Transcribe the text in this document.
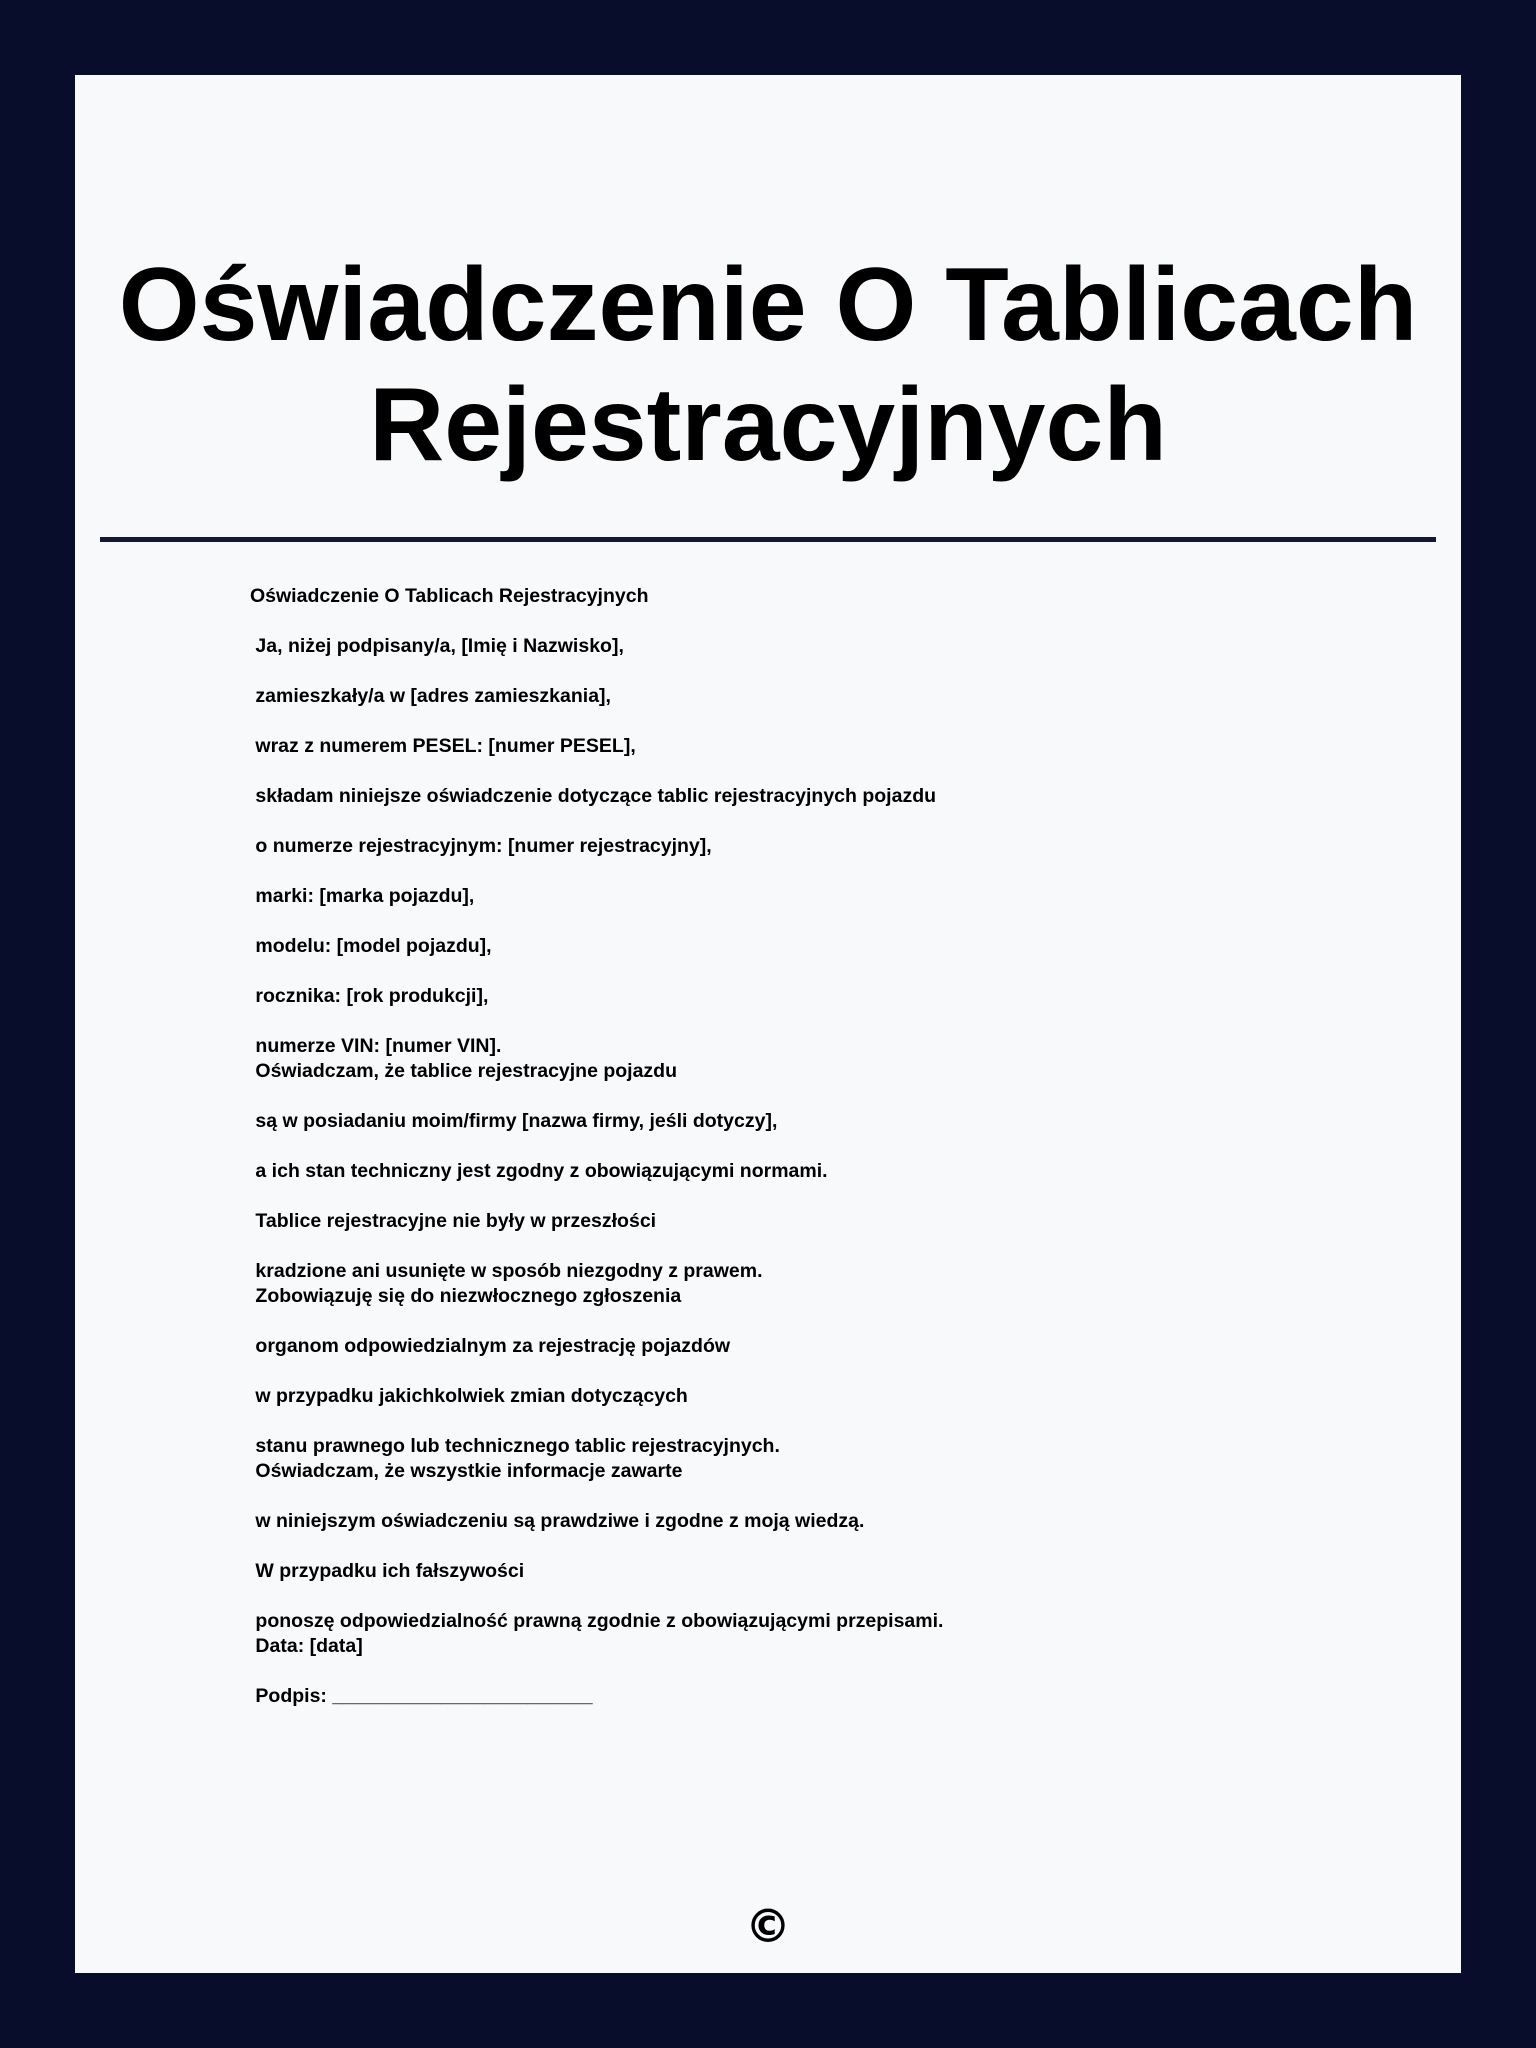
Oświadczenie O Tablicach Rejestracyjnych
Oświadczenie O Tablicach Rejestracyjnych

Ja, niżej podpisany/a, [Imię i Nazwisko],

zamieszkały/a w [adres zamieszkania],

wraz z numerem PESEL: [numer PESEL],

składam niniejsze oświadczenie dotyczące tablic rejestracyjnych pojazdu

o numerze rejestracyjnym: [numer rejestracyjny],

marki: [marka pojazdu],

modelu: [model pojazdu],

rocznika: [rok produkcji],

numerze VIN: [numer VIN].
Oświadczam, że tablice rejestracyjne pojazdu

są w posiadaniu moim/firmy [nazwa firmy, jeśli dotyczy],

a ich stan techniczny jest zgodny z obowiązującymi normami.

Tablice rejestracyjne nie były w przeszłości

kradzione ani usunięte w sposób niezgodny z prawem.
Zobowiązuję się do niezwłocznego zgłoszenia

organom odpowiedzialnym za rejestrację pojazdów

w przypadku jakichkolwiek zmian dotyczących

stanu prawnego lub technicznego tablic rejestracyjnych.
Oświadczam, że wszystkie informacje zawarte

w niniejszym oświadczeniu są prawdziwe i zgodne z moją wiedzą.

W przypadku ich fałszywości

ponoszę odpowiedzialność prawną zgodnie z obowiązującymi przepisami.
Data: [data]

Podpis: ________________________
©
